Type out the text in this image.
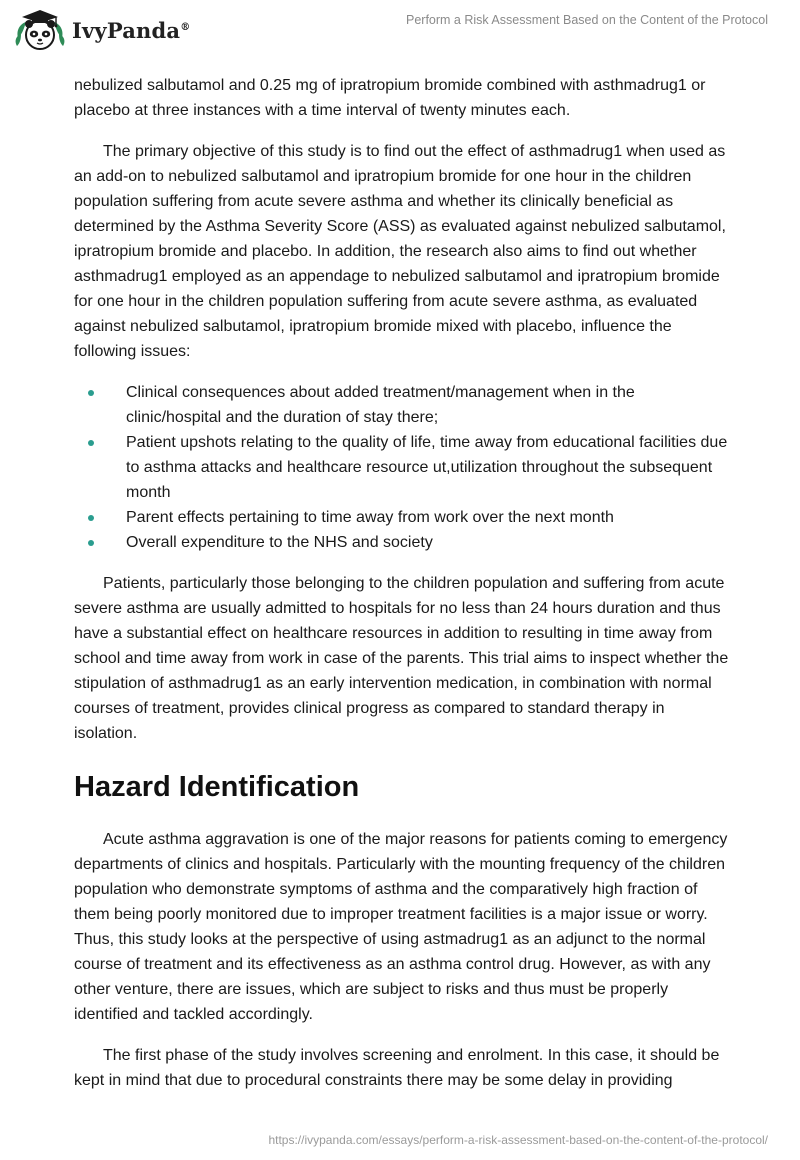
IvyPanda®	Perform a Risk Assessment Based on the Content of the Protocol

nebulized salbutamol and 0.25 mg of ipratropium bromide combined with asthmadrug1 or placebo at three instances with a time interval of twenty minutes each.

The primary objective of this study is to find out the effect of asthmadrug1 when used as an add-on to nebulized salbutamol and ipratropium bromide for one hour in the children population suffering from acute severe asthma and whether its clinically beneficial as determined by the Asthma Severity Score (ASS) as evaluated against nebulized salbutamol, ipratropium bromide and placebo. In addition, the research also aims to find out whether asthmadrug1 employed as an appendage to nebulized salbutamol and ipratropium bromide for one hour in the children population suffering from acute severe asthma, as evaluated against nebulized salbutamol, ipratropium bromide mixed with placebo, influence the following issues:

Clinical consequences about added treatment/management when in the clinic/hospital and the duration of stay there;
Patient upshots relating to the quality of life, time away from educational facilities due to asthma attacks and healthcare resource ut,utilization throughout the subsequent month
Parent effects pertaining to time away from work over the next month
Overall expenditure to the NHS and society

Patients, particularly those belonging to the children population and suffering from acute severe asthma are usually admitted to hospitals for no less than 24 hours duration and thus have a substantial effect on healthcare resources in addition to resulting in time away from school and time away from work in case of the parents. This trial aims to inspect whether the stipulation of asthmadrug1 as an early intervention medication, in combination with normal courses of treatment, provides clinical progress as compared to standard therapy in isolation.

Hazard Identification

Acute asthma aggravation is one of the major reasons for patients coming to emergency departments of clinics and hospitals. Particularly with the mounting frequency of the children population who demonstrate symptoms of asthma and the comparatively high fraction of them being poorly monitored due to improper treatment facilities is a major issue or worry. Thus, this study looks at the perspective of using astmadrug1 as an adjunct to the normal course of treatment and its effectiveness as an asthma control drug. However, as with any other venture, there are issues, which are subject to risks and thus must be properly identified and tackled accordingly.

The first phase of the study involves screening and enrolment. In this case, it should be kept in mind that due to procedural constraints there may be some delay in providing

https://ivypanda.com/essays/perform-a-risk-assessment-based-on-the-content-of-the-protocol/
